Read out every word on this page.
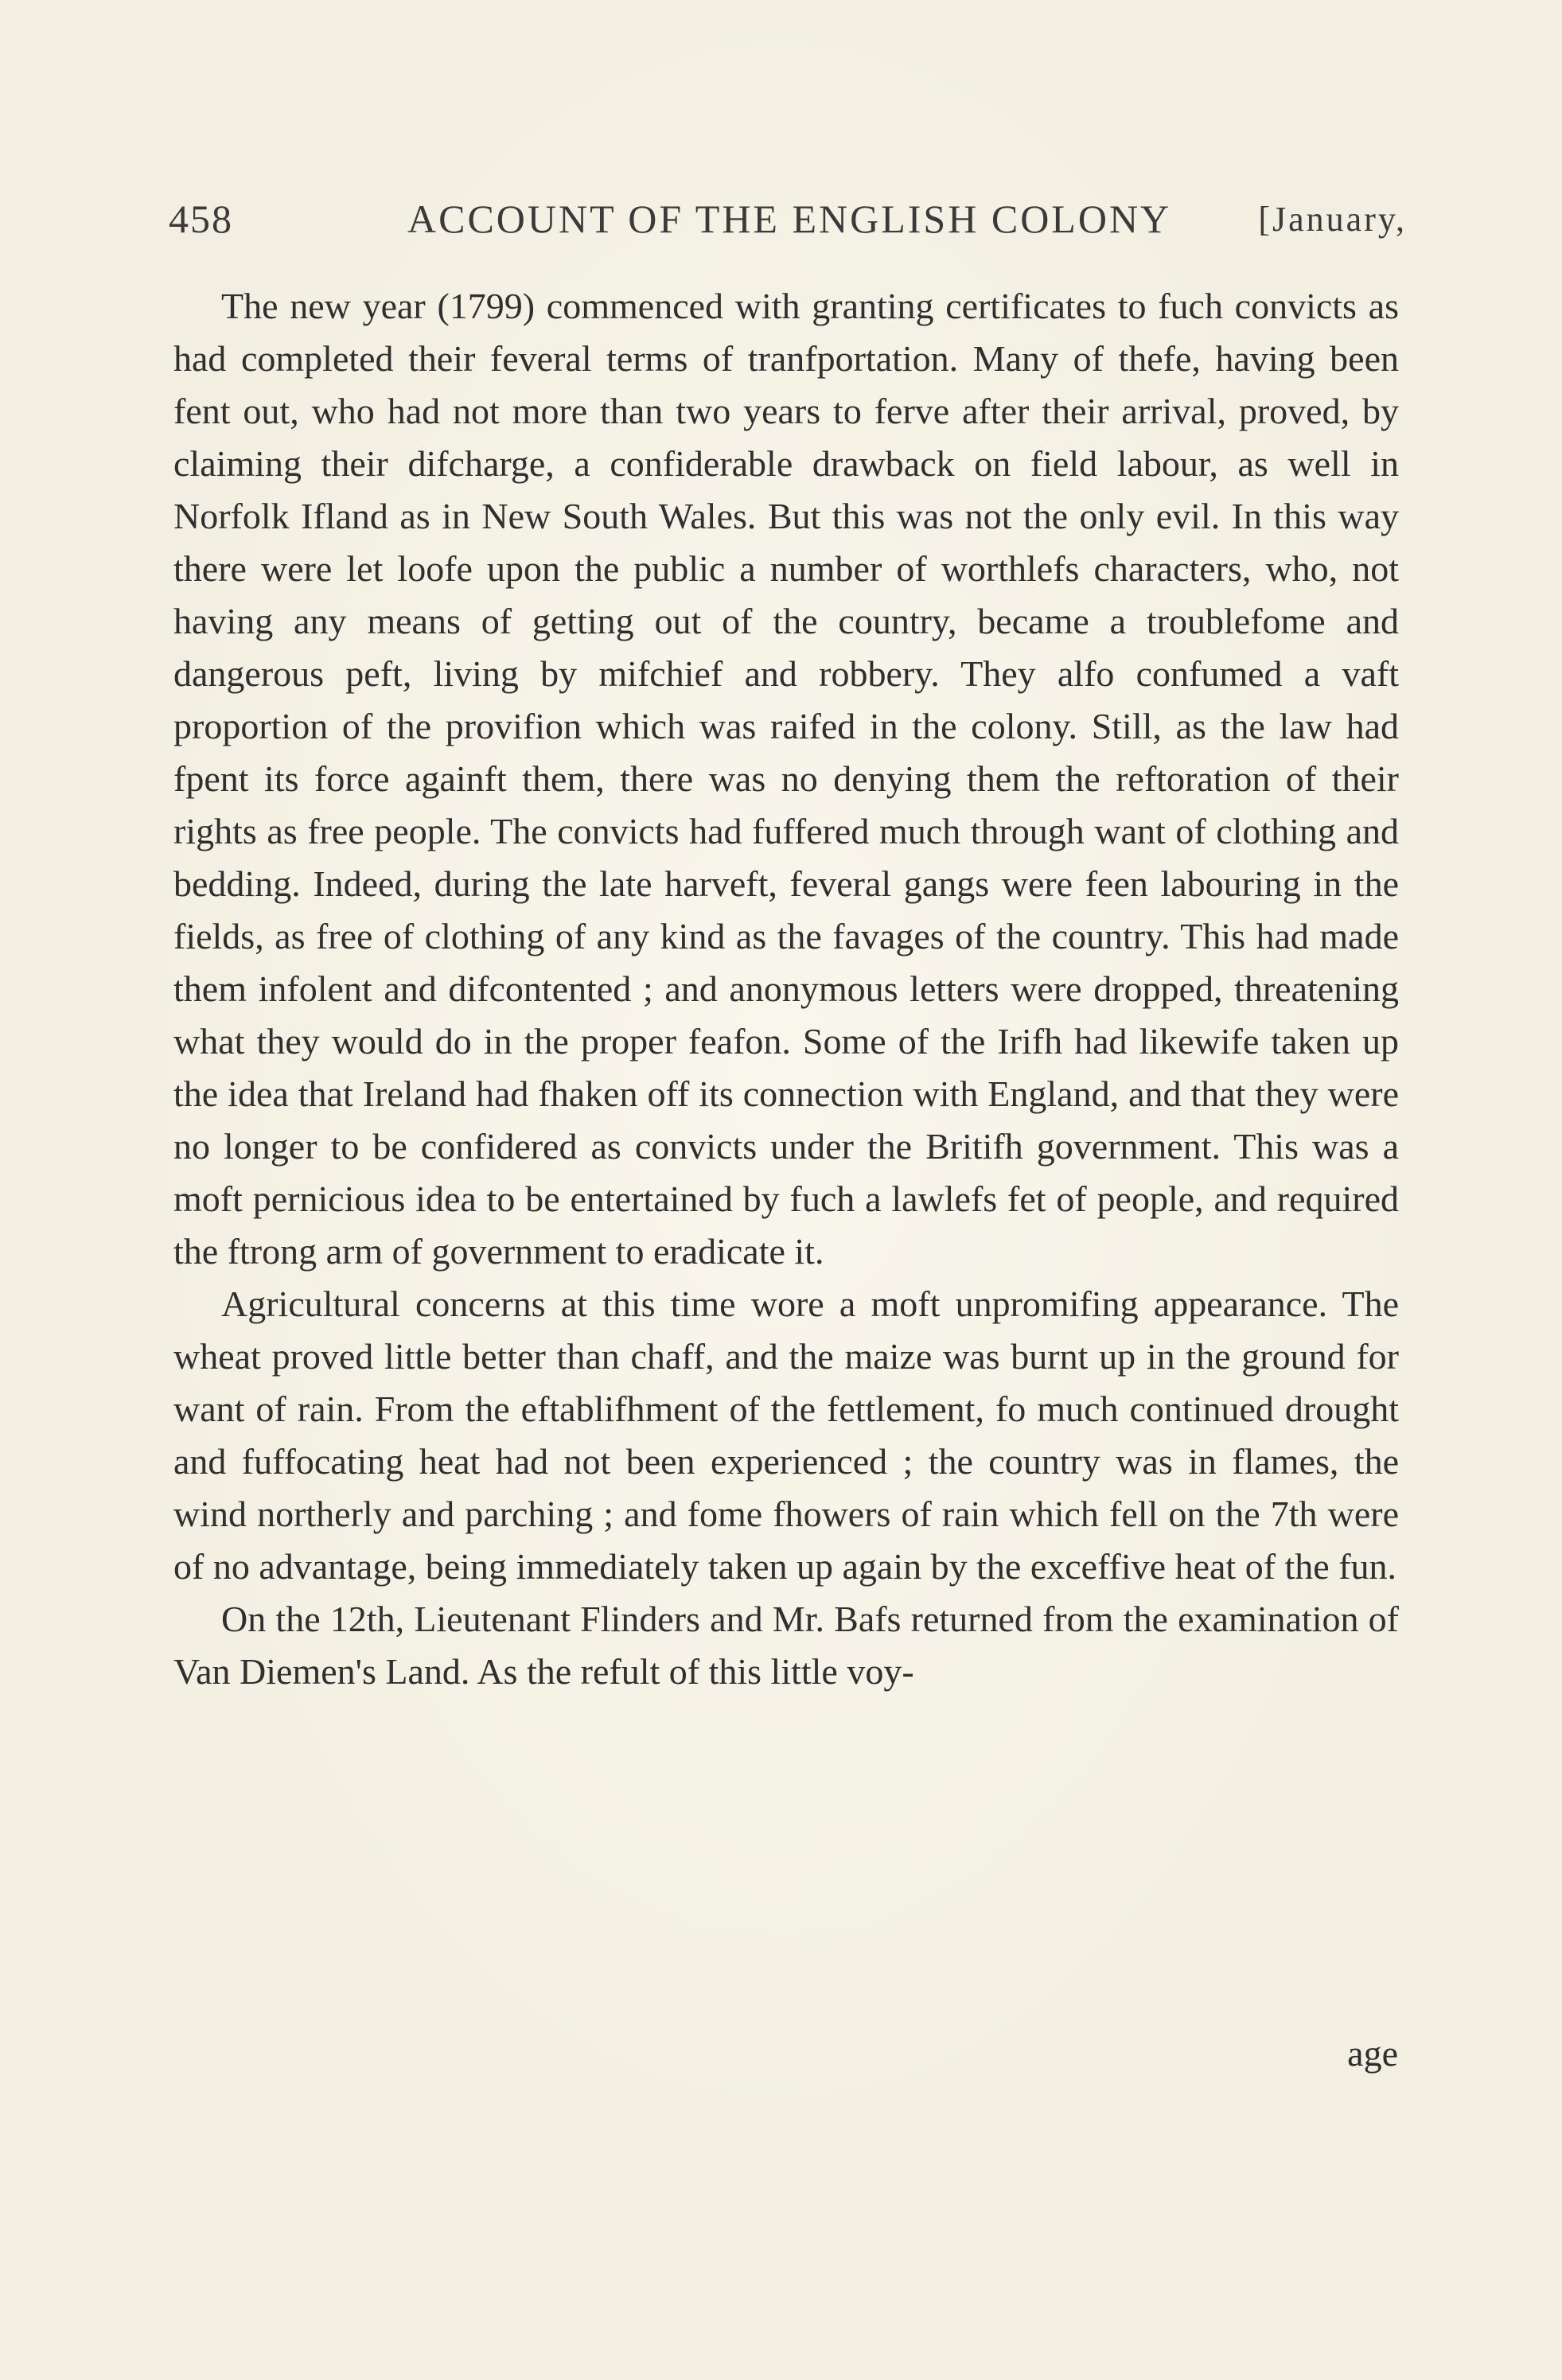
458	ACCOUNT OF THE ENGLISH COLONY [January,

The new year (1799) commenced with granting certificates to fuch convicts as had completed their feveral terms of tranfportation. Many of thefe, having been fent out, who had not more than two years to ferve after their arrival, proved, by claiming their difcharge, a confiderable drawback on field labour, as well in Norfolk Ifland as in New South Wales. But this was not the only evil. In this way there were let loofe upon the public a number of worthlefs characters, who, not having any means of getting out of the country, became a troublefome and dangerous peft, living by mifchief and robbery. They alfo confumed a vaft proportion of the provifion which was raifed in the colony. Still, as the law had fpent its force againft them, there was no denying them the reftoration of their rights as free people. The convicts had fuffered much through want of clothing and bedding. Indeed, during the late harveft, feveral gangs were feen labouring in the fields, as free of clothing of any kind as the favages of the country. This had made them infolent and difcontented ; and anonymous letters were dropped, threatening what they would do in the proper feafon. Some of the Irifh had likewife taken up the idea that Ireland had fhaken off its connection with England, and that they were no longer to be confidered as convicts under the Britifh government. This was a moft pernicious idea to be entertained by fuch a lawlefs fet of people, and required the ftrong arm of government to eradicate it.

Agricultural concerns at this time wore a moft unpromifing appearance. The wheat proved little better than chaff, and the maize was burnt up in the ground for want of rain. From the eftablifhment of the fettlement, fo much continued drought and fuffocating heat had not been experienced ; the country was in flames, the wind northerly and parching ; and fome fhowers of rain which fell on the 7th were of no advantage, being immediately taken up again by the exceffive heat of the fun.

On the 12th, Lieutenant Flinders and Mr. Bafs returned from the examination of Van Diemen's Land. As the refult of this little voy-

age
